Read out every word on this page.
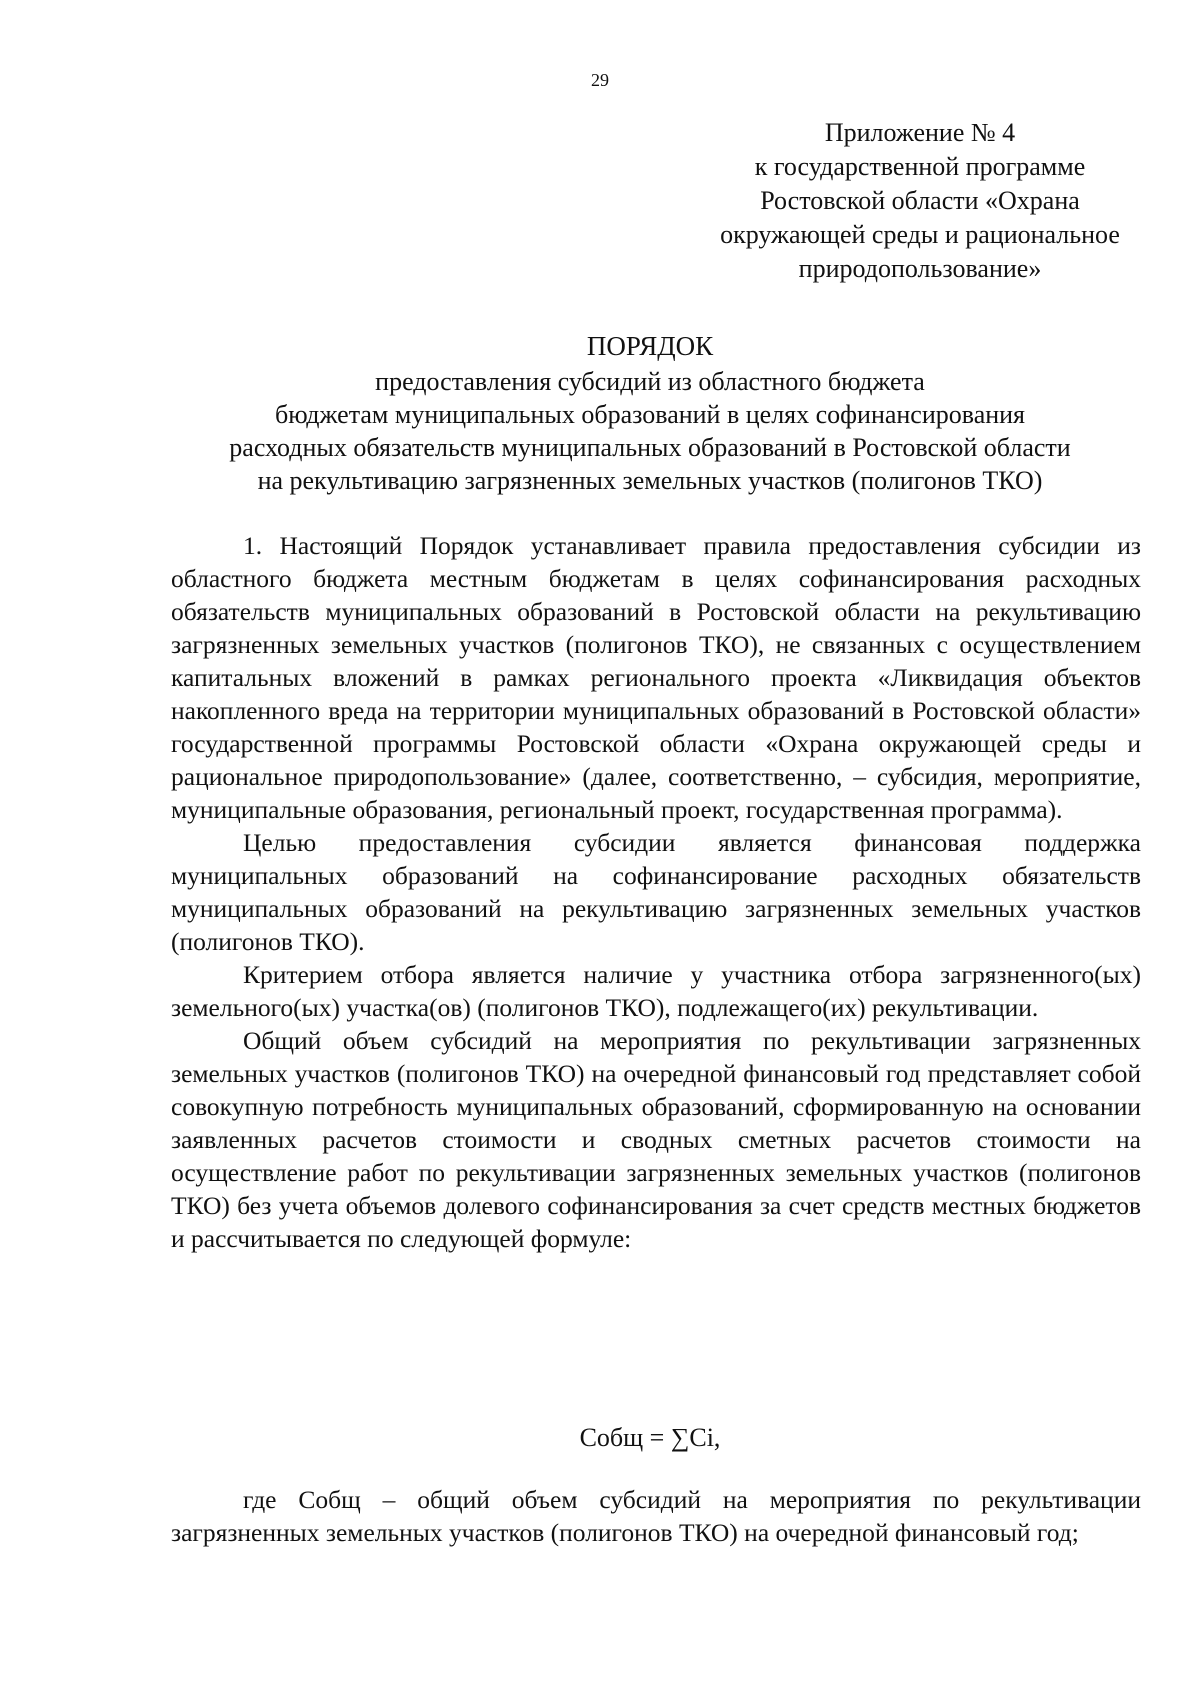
29
Приложение № 4
к государственной программе
Ростовской области «Охрана
окружающей среды и рациональное
природопользование»
ПОРЯДОК
предоставления субсидий из областного бюджета
бюджетам муниципальных образований в целях софинансирования
расходных обязательств муниципальных образований в Ростовской области
на рекультивацию загрязненных земельных участков (полигонов ТКО)

1. Настоящий Порядок устанавливает правила предоставления субсидии из областного бюджета местным бюджетам в целях софинансирования расходных обязательств муниципальных образований в Ростовской области на рекультивацию загрязненных земельных участков (полигонов ТКО), не связанных с осуществлением капитальных вложений в рамках регионального проекта «Ликвидация объектов накопленного вреда на территории муниципальных образований в Ростовской области» государственной программы Ростовской области «Охрана окружающей среды и рациональное природопользование» (далее, соответственно, – субсидия, мероприятие, муниципальные образования, региональный проект, государственная программа).

Целью предоставления субсидии является финансовая поддержка муниципальных образований на софинансирование расходных обязательств муниципальных образований на рекультивацию загрязненных земельных участков (полигонов ТКО).

Критерием отбора является наличие у участника отбора загрязненного(ых) земельного(ых) участка(ов) (полигонов ТКО), подлежащего(их) рекультивации.

Общий объем субсидий на мероприятия по рекультивации загрязненных земельных участков (полигонов ТКО) на очередной финансовый год представляет собой совокупную потребность муниципальных образований, сформированную на основании заявленных расчетов стоимости и сводных сметных расчетов стоимости на осуществление работ по рекультивации загрязненных земельных участков (полигонов ТКО) без учета объемов долевого софинансирования за счет средств местных бюджетов и рассчитывается по следующей формуле:

Cобщ = ∑Ci,

где Cобщ – общий объем субсидий на мероприятия по рекультивации загрязненных земельных участков (полигонов ТКО) на очередной финансовый год;
